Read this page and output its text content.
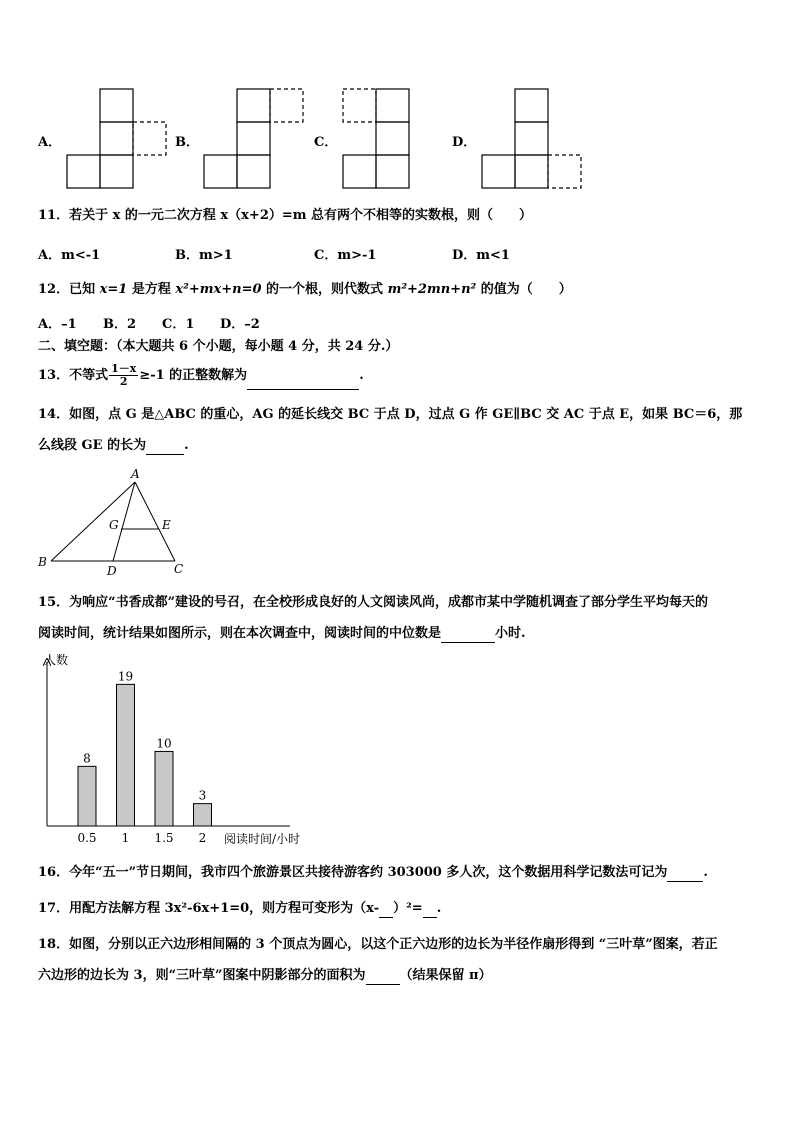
A．	B．	C．	D．
11．若关于 x 的一元二次方程 x（x+2）=m 总有两个不相等的实数根，则（　　）
A．m<-1	B．m>1	C．m>-1	D．m<1
12．已知 x=1 是方程 x²+mx+n=0 的一个根，则代数式 m²+2mn+n² 的值为（　　）
A．–1 B．2 C．1 D．–2
二、填空题：（本大题共 6 个小题，每小题 4 分，共 24 分.）
13．不等式 $\frac{1-x}{2} \ge-1$ 的正整数解为	.
14．如图，点 G 是△ABC 的重心，AG 的延长线交 BC 于点 D，过点 G 作 GE∥BC 交 AC 于点 E，如果 BC＝6，那
么线段 GE 的长为	.
A
B	C
D
G	E
15．为响应“书香成都”建设的号召，在全校形成良好的人文阅读风尚，成都市某中学随机调查了部分学生平均每天的
阅读时间，统计结果如图所示，则在本次调查中，阅读时间的中位数是	小时.
人数
阅读时间/小时
8
0.5
19
1
10
1.5
3
2
16．今年“五一”节日期间，我市四个旅游景区共接待游客约 303000 多人次，这个数据用科学记数法可记为	.
17．用配方法解方程 3x²-6x+1=0，则方程可变形为（x- ）²= .
18．如图，分别以正六边形相间隔的 3 个顶点为圆心，以这个正六边形的边长为半径作扇形得到 “三叶草”图案，若正
六边形的边长为 3，则“三叶草”图案中阴影部分的面积为	（结果保留 π）
